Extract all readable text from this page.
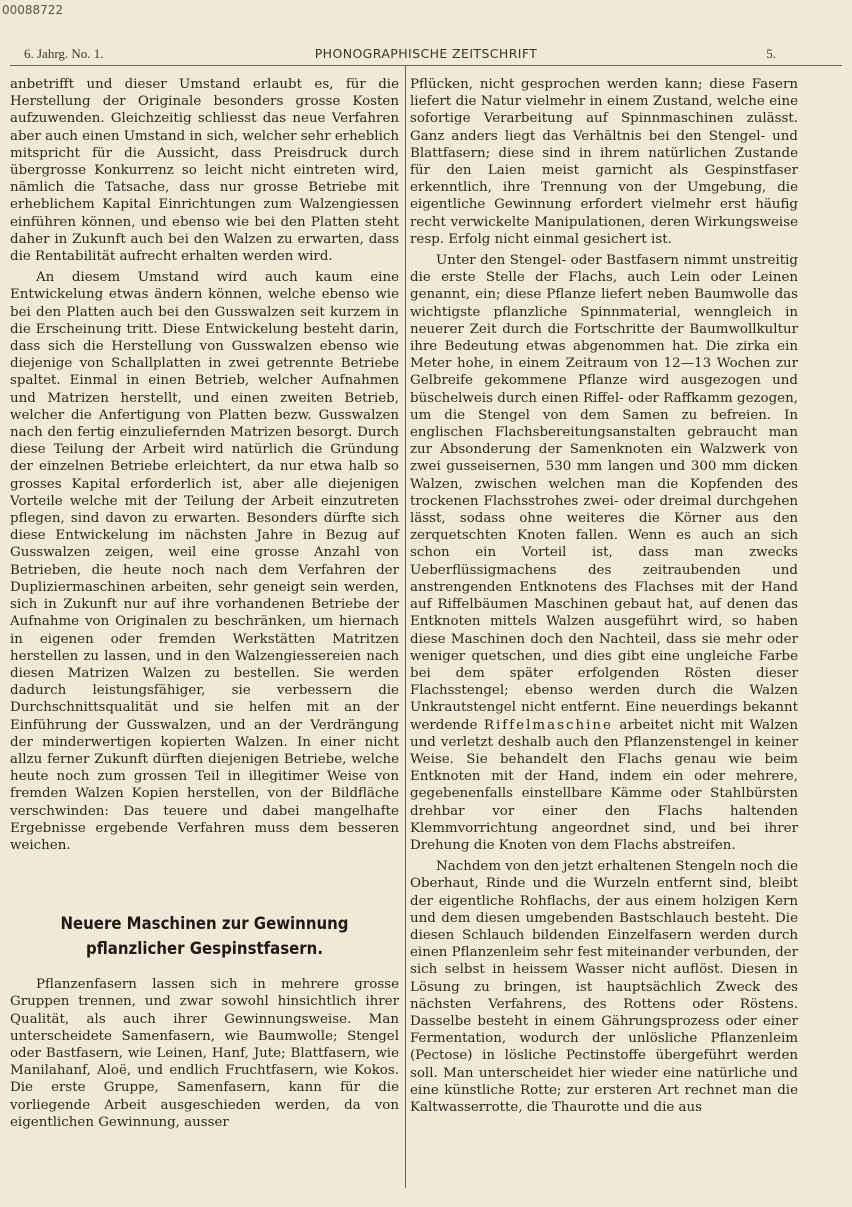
00088722
6. Jahrg. No. 1.	PHONOGRAPHISCHE ZEITSCHRIFT	5.

anbetrifft und dieser Umstand erlaubt es, für die Herstellung der Originale besonders grosse Kosten aufzuwenden. Gleichzeitig schliesst das neue Verfahren aber auch einen Umstand in sich, welcher sehr erheblich mitspricht für die Aussicht, dass Preisdruck durch übergrosse Konkurrenz so leicht nicht eintreten wird, nämlich die Tatsache, dass nur grosse Betriebe mit erheblichem Kapital Einrichtungen zum Walzengiessen einführen können, und ebenso wie bei den Platten steht daher in Zukunft auch bei den Walzen zu erwarten, dass die Rentabilität aufrecht erhalten werden wird.

An diesem Umstand wird auch kaum eine Entwickelung etwas ändern können, welche ebenso wie bei den Platten auch bei den Gusswalzen seit kurzem in die Erscheinung tritt. Diese Entwickelung besteht darin, dass sich die Herstellung von Gusswalzen ebenso wie diejenige von Schallplatten in zwei getrennte Betriebe spaltet. Einmal in einen Betrieb, welcher Aufnahmen und Matrizen herstellt, und einen zweiten Betrieb, welcher die Anfertigung von Platten bezw. Gusswalzen nach den fertig einzuliefernden Matrizen besorgt. Durch diese Teilung der Arbeit wird natürlich die Gründung der einzelnen Betriebe erleichtert, da nur etwa halb so grosses Kapital erforderlich ist, aber alle diejenigen Vorteile welche mit der Teilung der Arbeit einzutreten pflegen, sind davon zu erwarten. Besonders dürfte sich diese Entwickelung im nächsten Jahre in Bezug auf Gusswalzen zeigen, weil eine grosse Anzahl von Betrieben, die heute noch nach dem Verfahren der Dupliziermaschinen arbeiten, sehr geneigt sein werden, sich in Zukunft nur auf ihre vorhandenen Betriebe der Aufnahme von Originalen zu beschränken, um hiernach in eigenen oder fremden Werkstätten Matritzen herstellen zu lassen, und in den Walzengiessereien nach diesen Matrizen Walzen zu bestellen. Sie werden dadurch leistungsfähiger, sie verbessern die Durchschnittsqualität und sie helfen mit an der Einführung der Gusswalzen, und an der Verdrängung der minderwertigen kopierten Walzen. In einer nicht allzu ferner Zukunft dürften diejenigen Betriebe, welche heute noch zum grossen Teil in illegitimer Weise von fremden Walzen Kopien herstellen, von der Bildfläche verschwinden: Das teuere und dabei mangelhafte Ergebnisse ergebende Verfahren muss dem besseren weichen.

Neuere Maschinen zur Gewinnung pflanzlicher Gespinstfasern.

Pflanzenfasern lassen sich in mehrere grosse Gruppen trennen, und zwar sowohl hinsichtlich ihrer Qualität, als auch ihrer Gewinnungsweise. Man unterscheidete Samenfasern, wie Baumwolle; Stengel oder Bastfasern, wie Leinen, Hanf, Jute; Blattfasern, wie Manilahanf, Aloë, und endlich Fruchtfasern, wie Kokos. Die erste Gruppe, Samenfasern, kann für die vorliegende Arbeit ausgeschieden werden, da von eigentlichen Gewinnung, ausser

Pflücken, nicht gesprochen werden kann; diese Fasern liefert die Natur vielmehr in einem Zustand, welche eine sofortige Verarbeitung auf Spinnmaschinen zulässt. Ganz anders liegt das Verhältnis bei den Stengel- und Blattfasern; diese sind in ihrem natürlichen Zustande für den Laien meist garnicht als Gespinstfaser erkenntlich, ihre Trennung von der Umgebung, die eigentliche Gewinnung erfordert vielmehr erst häufig recht verwickelte Manipulationen, deren Wirkungsweise resp. Erfolg nicht einmal gesichert ist.

Unter den Stengel- oder Bastfasern nimmt unstreitig die erste Stelle der Flachs, auch Lein oder Leinen genannt, ein; diese Pflanze liefert neben Baumwolle das wichtigste pflanzliche Spinnmaterial, wenngleich in neuerer Zeit durch die Fortschritte der Baumwollkultur ihre Bedeutung etwas abgenommen hat. Die zirka ein Meter hohe, in einem Zeitraum von 12—13 Wochen zur Gelbreife gekommene Pflanze wird ausgezogen und büschelweis durch einen Riffel- oder Raffkamm gezogen, um die Stengel von dem Samen zu befreien. In englischen Flachsbereitungsanstalten gebraucht man zur Absonderung der Samenknoten ein Walzwerk von zwei gusseisernen, 530 mm langen und 300 mm dicken Walzen, zwischen welchen man die Kopfenden des trockenen Flachsstrohes zwei- oder dreimal durchgehen lässt, sodass ohne weiteres die Körner aus den zerquetschten Knoten fallen. Wenn es auch an sich schon ein Vorteil ist, dass man zwecks Ueberflüssigmachens des zeitraubenden und anstrengenden Entknotens des Flachses mit der Hand auf Riffelbäumen Maschinen gebaut hat, auf denen das Entknoten mittels Walzen ausgeführt wird, so haben diese Maschinen doch den Nachteil, dass sie mehr oder weniger quetschen, und dies gibt eine ungleiche Farbe bei dem später erfolgenden Rösten dieser Flachsstengel; ebenso werden durch die Walzen Unkrautstengel nicht entfernt. Eine neuerdings bekannt werdende Riffelmaschine arbeitet nicht mit Walzen und verletzt deshalb auch den Pflanzenstengel in keiner Weise. Sie behandelt den Flachs genau wie beim Entknoten mit der Hand, indem ein oder mehrere, gegebenenfalls einstellbare Kämme oder Stahlbürsten drehbar vor einer den Flachs haltenden Klemmvorrichtung angeordnet sind, und bei ihrer Drehung die Knoten von dem Flachs abstreifen.

Nachdem von den jetzt erhaltenen Stengeln noch die Oberhaut, Rinde und die Wurzeln entfernt sind, bleibt der eigentliche Rohflachs, der aus einem holzigen Kern und dem diesen umgebenden Bastschlauch besteht. Die diesen Schlauch bildenden Einzelfasern werden durch einen Pflanzenleim sehr fest miteinander verbunden, der sich selbst in heissem Wasser nicht auflöst. Diesen in Lösung zu bringen, ist hauptsächlich Zweck des nächsten Verfahrens, des Rottens oder Röstens. Dasselbe besteht in einem Gährungsprozess oder einer Fermentation, wodurch der unlösliche Pflanzenleim (Pectose) in lösliche Pectinstoffe übergeführt werden soll. Man unterscheidet hier wieder eine natürliche und eine künstliche Rotte; zur ersteren Art rechnet man die Kaltwasserrotte, die Thaurotte und die aus
